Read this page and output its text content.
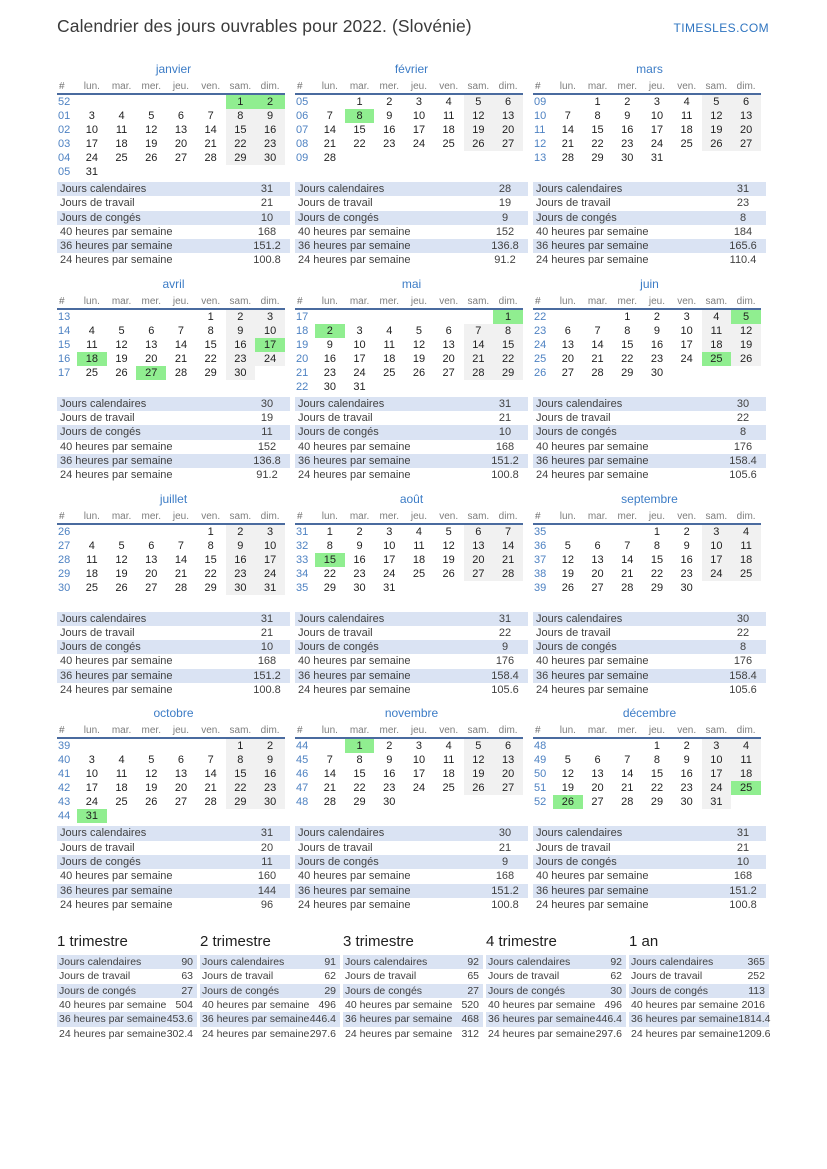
Calendrier des jours ouvrables pour 2022. (Slovénie)	TIMESLES.COM
janvier
#	lun.	mar.	mer.	jeu.	ven.	sam.	dim.
52						1	2
01	3	4	5	6	7	8	9
02	10	11	12	13	14	15	16
03	17	18	19	20	21	22	23
04	24	25	26	27	28	29	30
05	31						
Jours calendaires	31
Jours de travail	21
Jours de congés	10
40 heures par semaine	168
36 heures par semaine	151.2
24 heures par semaine	100.8
février
#	lun.	mar.	mer.	jeu.	ven.	sam.	dim.
05		1	2	3	4	5	6
06	7	8	9	10	11	12	13
07	14	15	16	17	18	19	20
08	21	22	23	24	25	26	27
09	28						
Jours calendaires	28
Jours de travail	19
Jours de congés	9
40 heures par semaine	152
36 heures par semaine	136.8
24 heures par semaine	91.2
mars
#	lun.	mar.	mer.	jeu.	ven.	sam.	dim.
09		1	2	3	4	5	6
10	7	8	9	10	11	12	13
11	14	15	16	17	18	19	20
12	21	22	23	24	25	26	27
13	28	29	30	31			
Jours calendaires	31
Jours de travail	23
Jours de congés	8
40 heures par semaine	184
36 heures par semaine	165.6
24 heures par semaine	110.4
avril
#	lun.	mar.	mer.	jeu.	ven.	sam.	dim.
13					1	2	3
14	4	5	6	7	8	9	10
15	11	12	13	14	15	16	17
16	18	19	20	21	22	23	24
17	25	26	27	28	29	30	
Jours calendaires	30
Jours de travail	19
Jours de congés	11
40 heures par semaine	152
36 heures par semaine	136.8
24 heures par semaine	91.2
mai
#	lun.	mar.	mer.	jeu.	ven.	sam.	dim.
17							1
18	2	3	4	5	6	7	8
19	9	10	11	12	13	14	15
20	16	17	18	19	20	21	22
21	23	24	25	26	27	28	29
22	30	31					
Jours calendaires	31
Jours de travail	21
Jours de congés	10
40 heures par semaine	168
36 heures par semaine	151.2
24 heures par semaine	100.8
juin
#	lun.	mar.	mer.	jeu.	ven.	sam.	dim.
22			1	2	3	4	5
23	6	7	8	9	10	11	12
24	13	14	15	16	17	18	19
25	20	21	22	23	24	25	26
26	27	28	29	30			
Jours calendaires	30
Jours de travail	22
Jours de congés	8
40 heures par semaine	176
36 heures par semaine	158.4
24 heures par semaine	105.6
juillet
#	lun.	mar.	mer.	jeu.	ven.	sam.	dim.
26					1	2	3
27	4	5	6	7	8	9	10
28	11	12	13	14	15	16	17
29	18	19	20	21	22	23	24
30	25	26	27	28	29	30	31
Jours calendaires	31
Jours de travail	21
Jours de congés	10
40 heures par semaine	168
36 heures par semaine	151.2
24 heures par semaine	100.8
août
#	lun.	mar.	mer.	jeu.	ven.	sam.	dim.
31	1	2	3	4	5	6	7
32	8	9	10	11	12	13	14
33	15	16	17	18	19	20	21
34	22	23	24	25	26	27	28
35	29	30	31				
Jours calendaires	31
Jours de travail	22
Jours de congés	9
40 heures par semaine	176
36 heures par semaine	158.4
24 heures par semaine	105.6
septembre
#	lun.	mar.	mer.	jeu.	ven.	sam.	dim.
35				1	2	3	4
36	5	6	7	8	9	10	11
37	12	13	14	15	16	17	18
38	19	20	21	22	23	24	25
39	26	27	28	29	30		
Jours calendaires	30
Jours de travail	22
Jours de congés	8
40 heures par semaine	176
36 heures par semaine	158.4
24 heures par semaine	105.6
octobre
#	lun.	mar.	mer.	jeu.	ven.	sam.	dim.
39						1	2
40	3	4	5	6	7	8	9
41	10	11	12	13	14	15	16
42	17	18	19	20	21	22	23
43	24	25	26	27	28	29	30
44	31						
Jours calendaires	31
Jours de travail	20
Jours de congés	11
40 heures par semaine	160
36 heures par semaine	144
24 heures par semaine	96
novembre
#	lun.	mar.	mer.	jeu.	ven.	sam.	dim.
44		1	2	3	4	5	6
45	7	8	9	10	11	12	13
46	14	15	16	17	18	19	20
47	21	22	23	24	25	26	27
48	28	29	30				
Jours calendaires	30
Jours de travail	21
Jours de congés	9
40 heures par semaine	168
36 heures par semaine	151.2
24 heures par semaine	100.8
décembre
#	lun.	mar.	mer.	jeu.	ven.	sam.	dim.
48				1	2	3	4
49	5	6	7	8	9	10	11
50	12	13	14	15	16	17	18
51	19	20	21	22	23	24	25
52	26	27	28	29	30	31	
Jours calendaires	31
Jours de travail	21
Jours de congés	10
40 heures par semaine	168
36 heures par semaine	151.2
24 heures par semaine	100.8
1 trimestre
Jours calendaires	90
Jours de travail	63
Jours de congés	27
40 heures par semaine 504
36 heures par semaine 453.6
24 heures par semaine 302.4
2 trimestre
Jours calendaires	91
Jours de travail	62
Jours de congés	29
40 heures par semaine 496
36 heures par semaine 446.4
24 heures par semaine 297.6
3 trimestre
Jours calendaires	92
Jours de travail	65
Jours de congés	27
40 heures par semaine 520
36 heures par semaine 468
24 heures par semaine 312
4 trimestre
Jours calendaires	92
Jours de travail	62
Jours de congés	30
40 heures par semaine 496
36 heures par semaine 446.4
24 heures par semaine 297.6
1 an
Jours calendaires	365
Jours de travail	252
Jours de congés	113
40 heures par semaine 2016
36 heures par semaine 1814.4
24 heures par semaine 1209.6
